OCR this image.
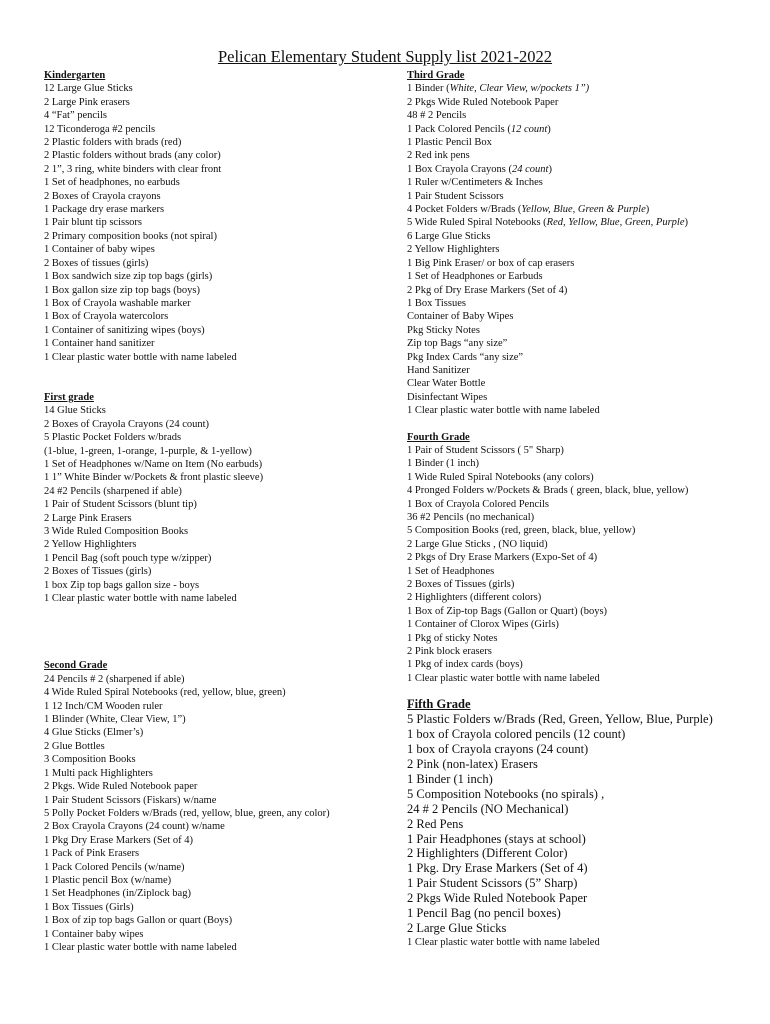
Pelican Elementary Student Supply list 2021-2022
Kindergarten
12 Large Glue Sticks
2 Large Pink erasers
4 “Fat” pencils
12 Ticonderoga #2 pencils
2 Plastic folders with brads (red)
2 Plastic folders without brads (any color)
2 1”, 3 ring, white binders with clear front
1 Set of headphones, no earbuds
2 Boxes of Crayola crayons
1 Package dry erase markers
1 Pair blunt tip scissors
2 Primary composition books (not spiral)
1 Container of baby wipes
2 Boxes of tissues (girls)
1 Box sandwich size zip top bags (girls)
1 Box gallon size zip top bags (boys)
1 Box of Crayola washable marker
1 Box of Crayola watercolors
1 Container of sanitizing wipes (boys)
1 Container hand sanitizer
1 Clear plastic water bottle with name labeled
First grade
14 Glue Sticks
2 Boxes of Crayola Crayons (24 count)
5 Plastic Pocket Folders w/brads
(1-blue, 1-green, 1-orange, 1-purple, & 1-yellow)
1 Set of Headphones w/Name on Item (No earbuds)
1 1” White Binder w/Pockets & front plastic sleeve)
24 #2 Pencils (sharpened if able)
1 Pair of Student Scissors (blunt tip)
2 Large Pink Erasers
3 Wide Ruled Composition Books
2 Yellow Highlighters
1 Pencil Bag (soft pouch type w/zipper)
2 Boxes of Tissues (girls)
1 box Zip top bags gallon size - boys
1 Clear plastic water bottle with name labeled
Second Grade
24 Pencils # 2 (sharpened if able)
4 Wide Ruled Spiral Notebooks (red, yellow, blue, green)
1 12 Inch/CM Wooden ruler
1 Blinder (White, Clear View, 1”)
4 Glue Sticks (Elmer’s)
2 Glue Bottles
3 Composition Books
1 Multi pack Highlighters
2 Pkgs. Wide Ruled Notebook paper
1 Pair Student Scissors (Fiskars) w/name
5 Polly Pocket Folders w/Brads (red, yellow, blue, green, any color)
2 Box Crayola Crayons (24 count) w/name
1 Pkg Dry Erase Markers (Set of 4)
1 Pack of Pink Erasers
1 Pack Colored Pencils (w/name)
1 Plastic pencil Box (w/name)
1 Set Headphones (in/Ziplock bag)
1 Box Tissues (Girls)
1 Box of zip top bags Gallon or quart (Boys)
1 Container baby wipes
1 Clear plastic water bottle with name labeled
Third Grade
1 Binder (White, Clear View, w/pockets 1”)
2 Pkgs Wide Ruled Notebook Paper
48 # 2 Pencils
1 Pack Colored Pencils (12 count)
1 Plastic Pencil Box
2 Red ink pens
1 Box Crayola Crayons (24 count)
1 Ruler w/Centimeters & Inches
1 Pair Student Scissors
4 Pocket Folders w/Brads (Yellow, Blue, Green & Purple)
5 Wide Ruled Spiral Notebooks (Red, Yellow, Blue, Green, Purple)
6 Large Glue Sticks
2 Yellow Highlighters
1 Big Pink Eraser/ or box of cap erasers
1 Set of Headphones or Earbuds
2 Pkg of Dry Erase Markers (Set of 4)
1 Box Tissues
Container of Baby Wipes
Pkg Sticky Notes
Zip top Bags “any size”
Pkg Index Cards “any size”
Hand Sanitizer
Clear Water Bottle
Disinfectant Wipes
1 Clear plastic water bottle with name labeled
Fourth Grade
1 Pair of Student Scissors ( 5" Sharp)
1 Binder (1 inch)
1 Wide Ruled Spiral Notebooks (any colors)
4 Pronged Folders w/Pockets & Brads ( green, black, blue, yellow)
1 Box of Crayola Colored Pencils
36 #2 Pencils (no mechanical)
5 Composition Books (red, green, black, blue, yellow)
2 Large Glue Sticks , (NO liquid)
2 Pkgs of Dry Erase Markers (Expo-Set of 4)
1 Set of Headphones
2 Boxes of Tissues (girls)
2 Highlighters (different colors)
1 Box of Zip-top Bags (Gallon or Quart) (boys)
1 Container of Clorox Wipes (Girls)
1 Pkg of sticky Notes
2 Pink block erasers
1 Pkg of index cards (boys)
1 Clear plastic water bottle with name labeled
Fifth Grade
5 Plastic Folders w/Brads (Red, Green, Yellow, Blue, Purple)
1 box of Crayola colored pencils (12 count)
1 box of Crayola crayons (24 count)
2 Pink (non-latex) Erasers
1 Binder (1 inch)
5 Composition Notebooks (no spirals) ,
24 # 2 Pencils (NO Mechanical)
2 Red Pens
1 Pair Headphones (stays at school)
2 Highlighters (Different Color)
1 Pkg. Dry Erase Markers (Set of 4)
1 Pair Student Scissors (5” Sharp)
2 Pkgs Wide Ruled Notebook Paper
1 Pencil Bag (no pencil boxes)
2 Large Glue Sticks
1 Clear plastic water bottle with name labeled
